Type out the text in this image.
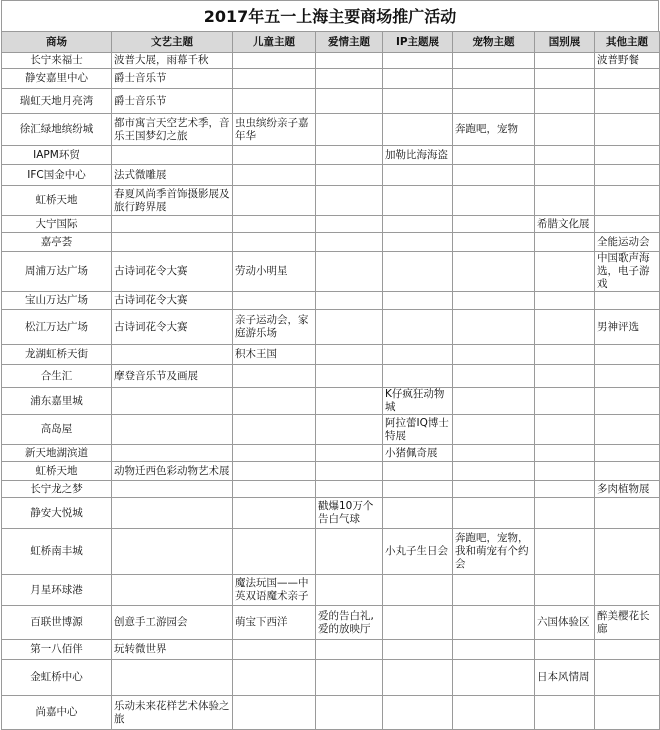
2017年五一上海主要商场推广活动
商场	文艺主题	儿童主题	爱情主题	IP主题展	宠物主题	国别展	其他主题
长宁来福士	波普大展，雨幕千秋						波普野餐
静安嘉里中心	爵士音乐节						
瑞虹天地月亮湾	爵士音乐节						
徐汇绿地缤纷城	都市寓言天空艺术季，音乐王国梦幻之旅	虫虫缤纷亲子嘉年华			奔跑吧，宠物		
IAPM环贸				加勒比海海盗			
IFC国金中心	法式微雕展						
虹桥天地	春夏风尚季首饰摄影展及旅行跨界展						
大宁国际						希腊文化展	
嘉亭荟							全能运动会
周浦万达广场	古诗词花令大赛	劳动小明星					中国歌声海选，电子游戏
宝山万达广场	古诗词花令大赛						
松江万达广场	古诗词花令大赛	亲子运动会，家庭游乐场					男神评选
龙湖虹桥天街		积木王国					
合生汇	摩登音乐节及画展						
浦东嘉里城				K仔疯狂动物城			
高岛屋				阿拉蕾IQ博士特展			
新天地湖滨道				小猪佩奇展			
虹桥天地	动物迁西色彩动物艺术展						
长宁龙之梦							多肉植物展
静安大悦城			戳爆10万个告白气球				
虹桥南丰城				小丸子生日会	奔跑吧，宠物，我和萌宠有个约会		
月星环球港		魔法玩国——中英双语魔术亲子					
百联世博源	创意手工游园会	萌宝下西洋	爱的告白礼,爱的放映厅			六国体验区	醉美樱花长廊
第一八佰伴	玩转微世界						
金虹桥中心						日本风情周	
尚嘉中心	乐动未来花样艺术体验之旅						
